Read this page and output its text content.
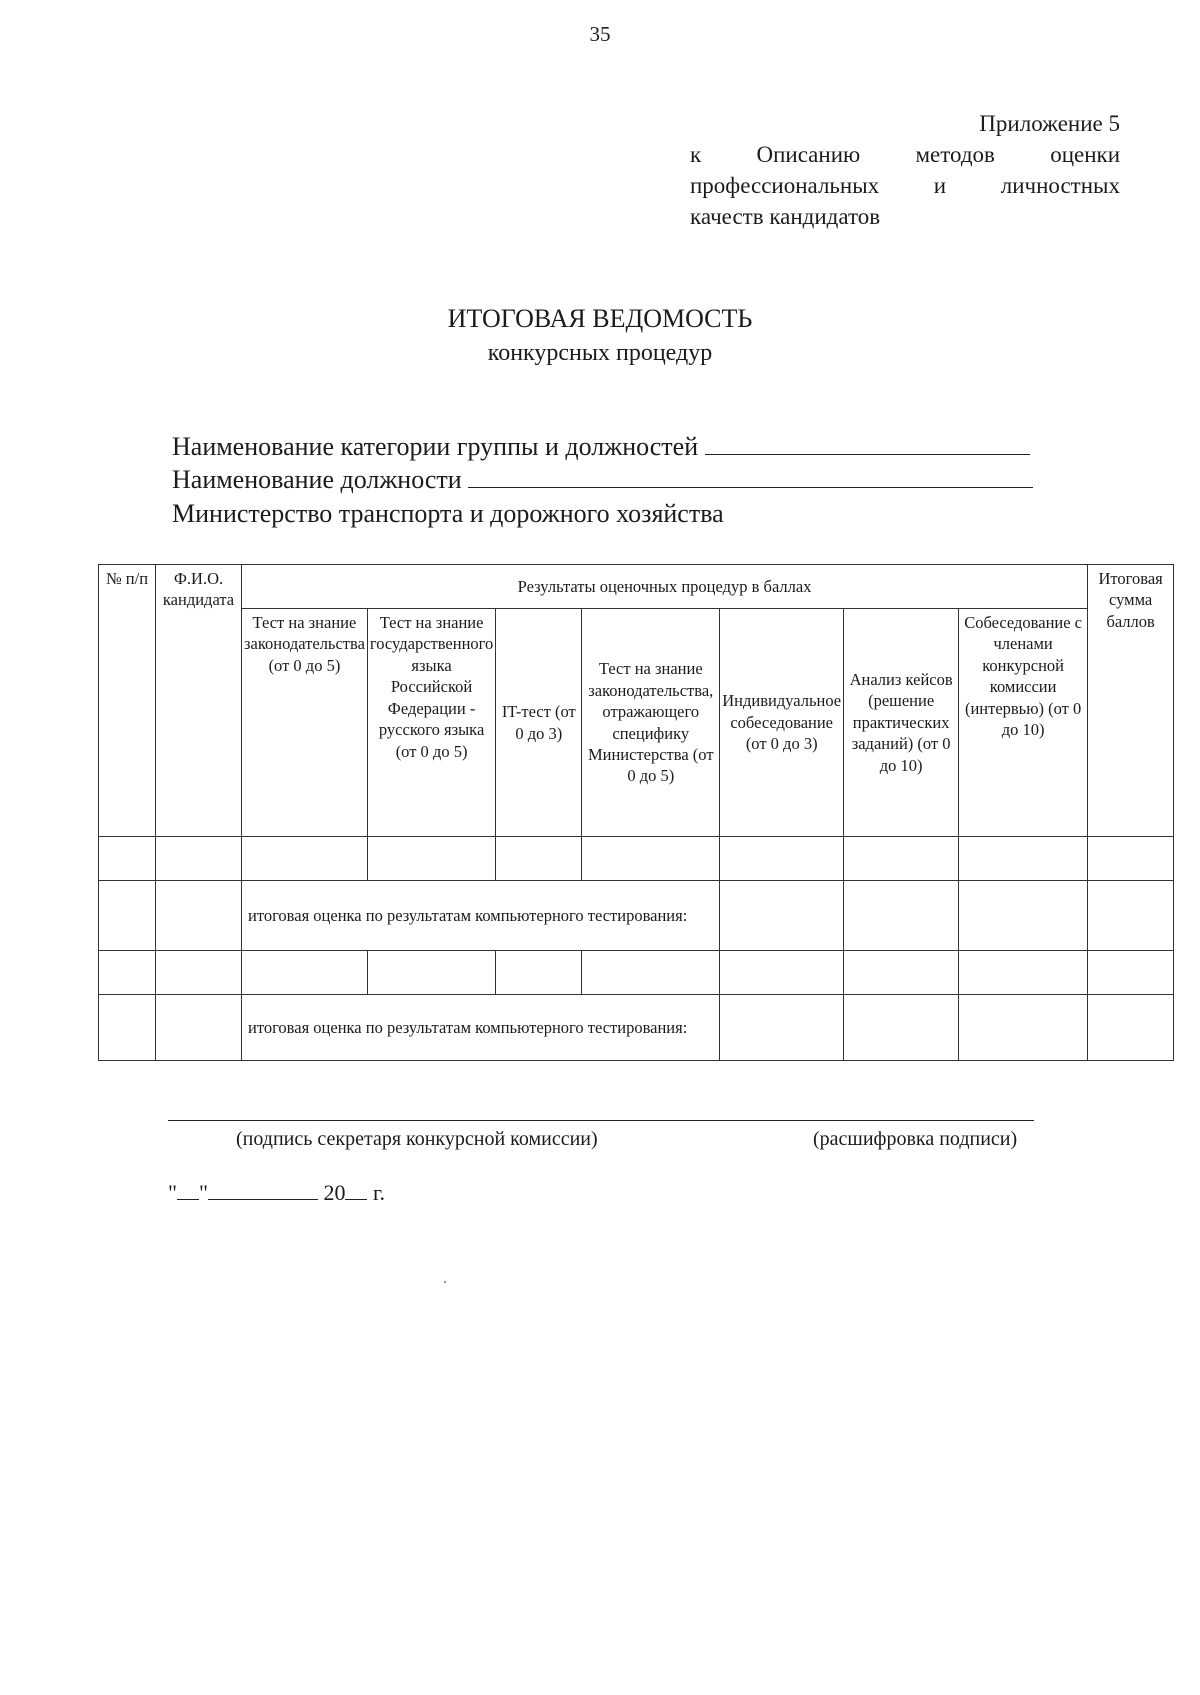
35
Приложение 5
к Описанию методов оценки
профессиональных и личностных
качеств кандидатов
ИТОГОВАЯ ВЕДОМОСТЬ
конкурсных процедур
Наименование категории группы и должностей
Наименование должности
Министерство транспорта и дорожного хозяйства
№ п/п	Ф.И.О. кандидата	Результаты оценочных процедур в баллах							Итоговая сумма баллов
		Тест на знание законодательства (от 0 до 5)	Тест на знание государственного языка Российской Федерации - русского языка (от 0 до 5)	IT-тест (от 0 до 3)	Тест на знание законодательства, отражающего специфику Министерства (от 0 до 5)	Индивидуальное собеседование (от 0 до 3)	Анализ кейсов (решение практических заданий) (от 0 до 10)	Собеседование с членами конкурсной комиссии (интервью) (от 0 до 10)	

		итоговая оценка по результатам компьютерного тестирования:							

		итоговая оценка по результатам компьютерного тестирования:							
(подпись секретаря конкурсной комиссии)	(расшифровка подписи)
" "	20 г.
